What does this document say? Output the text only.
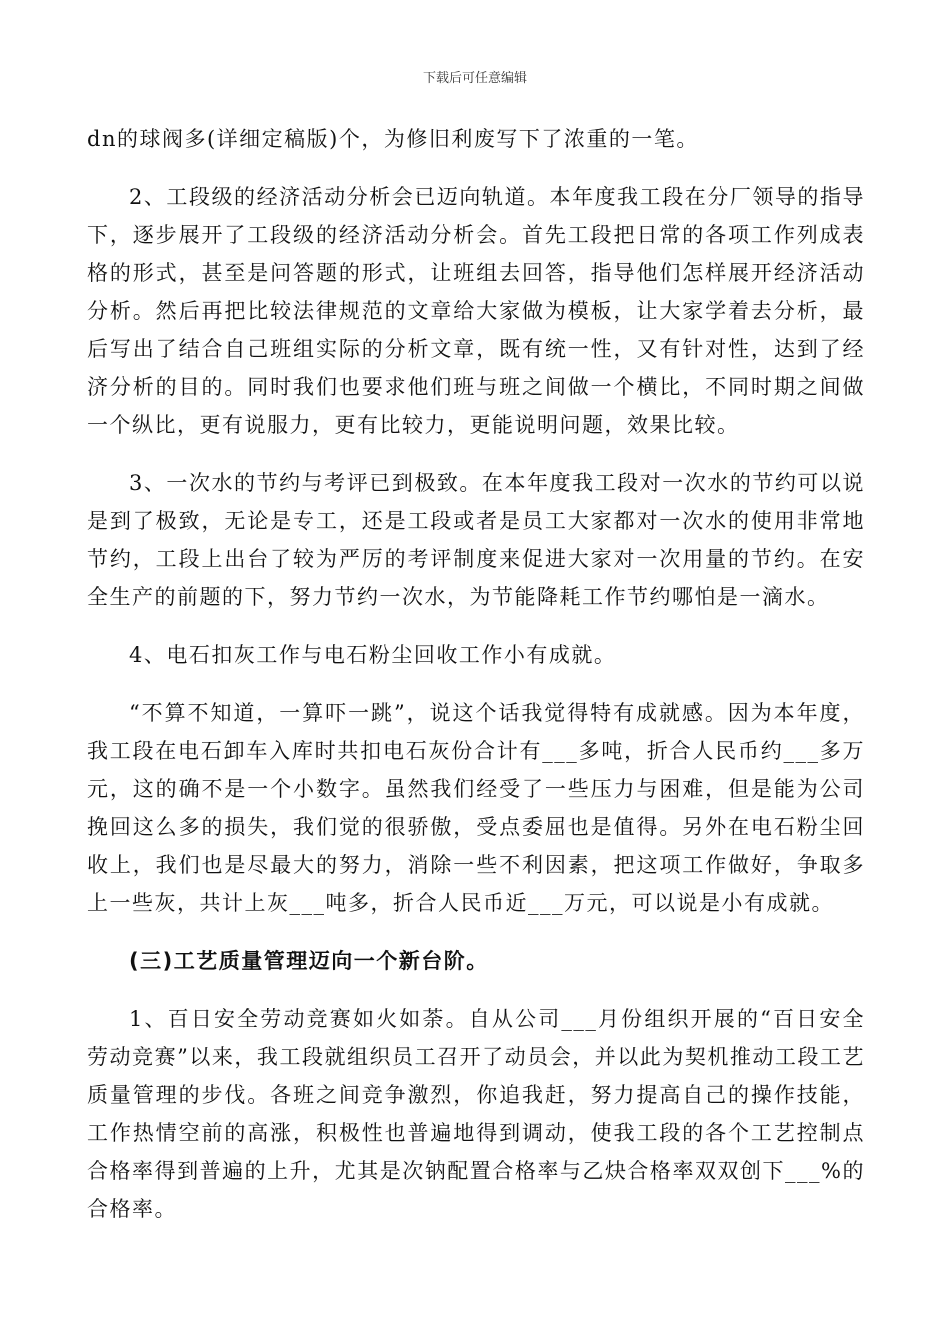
下载后可任意编辑

dn的球阀多(详细定稿版)个，为修旧利废写下了浓重的一笔。

2、工段级的经济活动分析会已迈向轨道。本年度我工段在分厂领导的指导下，逐步展开了工段级的经济活动分析会。首先工段把日常的各项工作列成表格的形式，甚至是问答题的形式，让班组去回答，指导他们怎样展开经济活动分析。然后再把比较法律规范的文章给大家做为模板，让大家学着去分析，最后写出了结合自己班组实际的分析文章，既有统一性，又有针对性，达到了经济分析的目的。同时我们也要求他们班与班之间做一个横比，不同时期之间做一个纵比，更有说服力，更有比较力，更能说明问题，效果比较。

3、一次水的节约与考评已到极致。在本年度我工段对一次水的节约可以说是到了极致，无论是专工，还是工段或者是员工大家都对一次水的使用非常地节约，工段上出台了较为严厉的考评制度来促进大家对一次用量的节约。在安全生产的前题的下，努力节约一次水，为节能降耗工作节约哪怕是一滴水。

4、电石扣灰工作与电石粉尘回收工作小有成就。

“不算不知道，一算吓一跳”，说这个话我觉得特有成就感。因为本年度，我工段在电石卸车入库时共扣电石灰份合计有___多吨，折合人民币约___多万元，这的确不是一个小数字。虽然我们经受了一些压力与困难，但是能为公司挽回这么多的损失，我们觉的很骄傲，受点委屈也是值得。另外在电石粉尘回收上，我们也是尽最大的努力，消除一些不利因素，把这项工作做好，争取多上一些灰，共计上灰___吨多，折合人民币近___万元，可以说是小有成就。

(三)工艺质量管理迈向一个新台阶。

1、百日安全劳动竞赛如火如荼。自从公司___月份组织开展的“百日安全劳动竞赛”以来，我工段就组织员工召开了动员会，并以此为契机推动工段工艺质量管理的步伐。各班之间竞争激烈，你追我赶，努力提高自己的操作技能，工作热情空前的高涨，积极性也普遍地得到调动，使我工段的各个工艺控制点合格率得到普遍的上升，尤其是次钠配置合格率与乙炔合格率双双创下___%的合格率。
